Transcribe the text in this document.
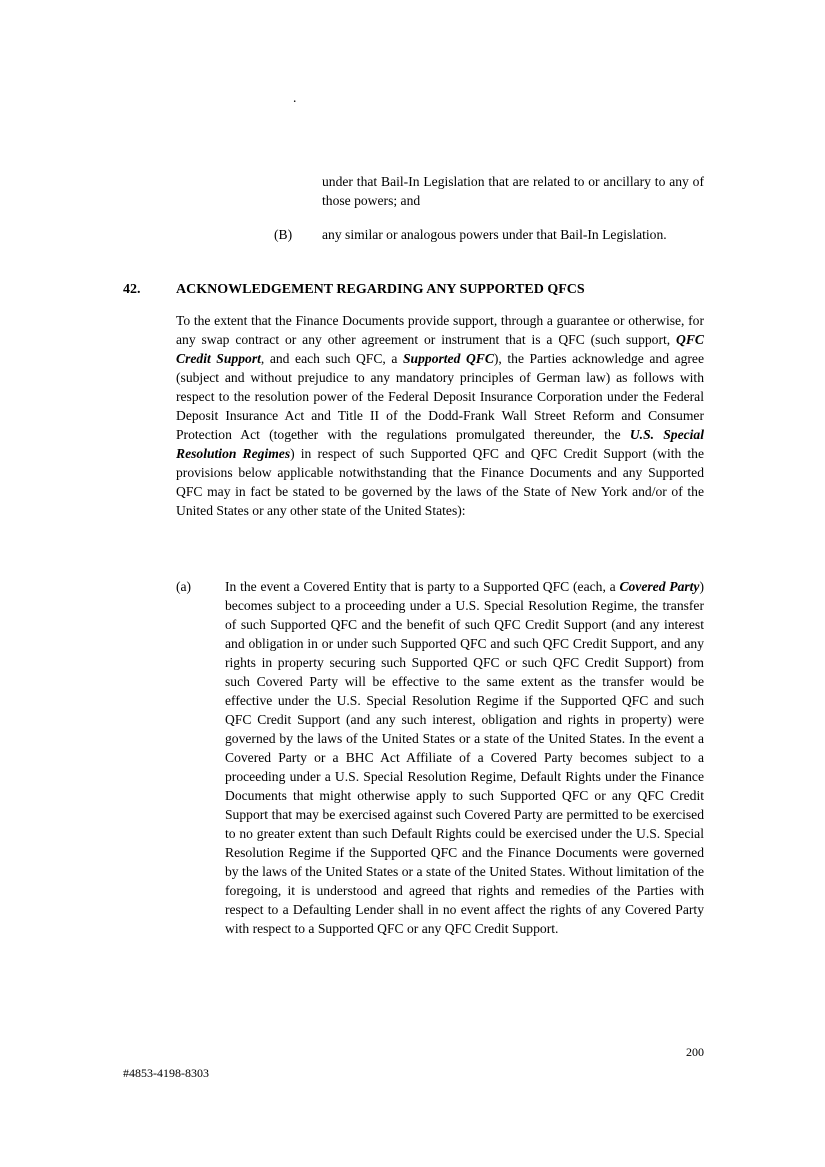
.

under that Bail-In Legislation that are related to or ancillary to any of those powers; and

(B)	any similar or analogous powers under that Bail-In Legislation.

42.	ACKNOWLEDGEMENT REGARDING ANY SUPPORTED QFCS

To the extent that the Finance Documents provide support, through a guarantee or otherwise, for any swap contract or any other agreement or instrument that is a QFC (such support, QFC Credit Support, and each such QFC, a Supported QFC), the Parties acknowledge and agree (subject and without prejudice to any mandatory principles of German law) as follows with respect to the resolution power of the Federal Deposit Insurance Corporation under the Federal Deposit Insurance Act and Title II of the Dodd-Frank Wall Street Reform and Consumer Protection Act (together with the regulations promulgated thereunder, the U.S. Special Resolution Regimes) in respect of such Supported QFC and QFC Credit Support (with the provisions below applicable notwithstanding that the Finance Documents and any Supported QFC may in fact be stated to be governed by the laws of the State of New York and/or of the United States or any other state of the United States):

(a)	In the event a Covered Entity that is party to a Supported QFC (each, a Covered Party) becomes subject to a proceeding under a U.S. Special Resolution Regime, the transfer of such Supported QFC and the benefit of such QFC Credit Support (and any interest and obligation in or under such Supported QFC and such QFC Credit Support, and any rights in property securing such Supported QFC or such QFC Credit Support) from such Covered Party will be effective to the same extent as the transfer would be effective under the U.S. Special Resolution Regime if the Supported QFC and such QFC Credit Support (and any such interest, obligation and rights in property) were governed by the laws of the United States or a state of the United States. In the event a Covered Party or a BHC Act Affiliate of a Covered Party becomes subject to a proceeding under a U.S. Special Resolution Regime, Default Rights under the Finance Documents that might otherwise apply to such Supported QFC or any QFC Credit Support that may be exercised against such Covered Party are permitted to be exercised to no greater extent than such Default Rights could be exercised under the U.S. Special Resolution Regime if the Supported QFC and the Finance Documents were governed by the laws of the United States or a state of the United States. Without limitation of the foregoing, it is understood and agreed that rights and remedies of the Parties with respect to a Defaulting Lender shall in no event affect the rights of any Covered Party with respect to a Supported QFC or any QFC Credit Support.

200
#4853-4198-8303
